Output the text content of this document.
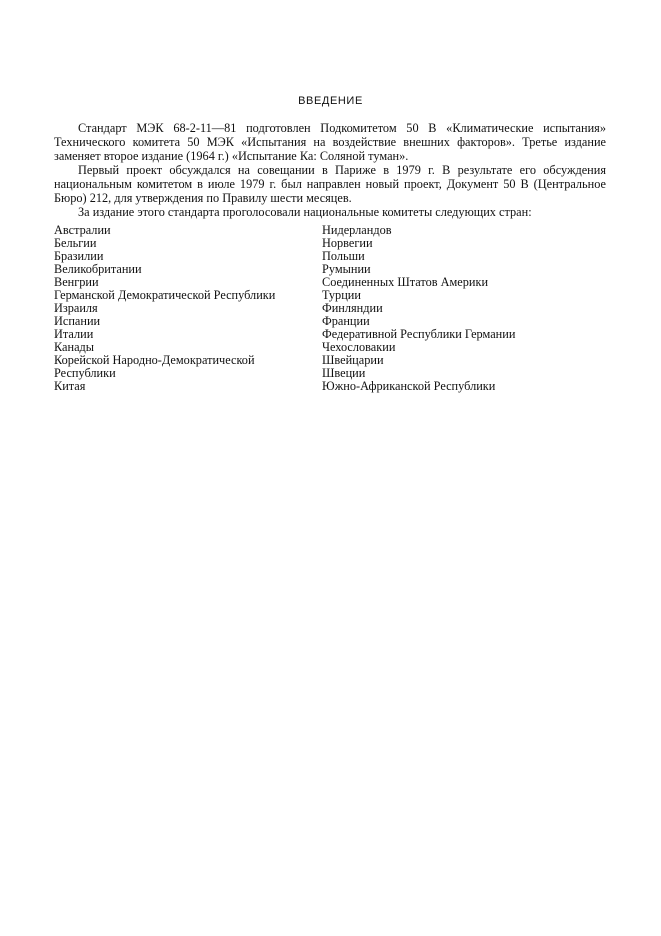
ВВЕДЕНИЕ

Стандарт МЭК 68-2-11—81 подготовлен Подкомитетом 50 В «Климатические испытания» Технического комитета 50 МЭК «Испытания на воздействие внешних факторов». Третье издание заменяет второе издание (1964 г.) «Испытание Ка: Соляной туман».

Первый проект обсуждался на совещании в Париже в 1979 г. В результате его обсуждения национальным комитетом в июле 1979 г. был направлен новый проект, Документ 50 В (Центральное Бюро) 212, для утверждения по Правилу шести месяцев.

За издание этого стандарта проголосовали национальные комитеты следующих стран:

Австралии
Бельгии
Бразилии
Великобритании
Венгрии
Германской Демократической Республики
Израиля
Испании
Италии
Канады
Корейской Народно-Демократической
Республики
Китая
Нидерландов
Норвегии
Польши
Румынии
Соединенных Штатов Америки
Турции
Финляндии
Франции
Федеративной Республики Германии
Чехословакии
Швейцарии
Швеции
Южно-Африканской Республики
